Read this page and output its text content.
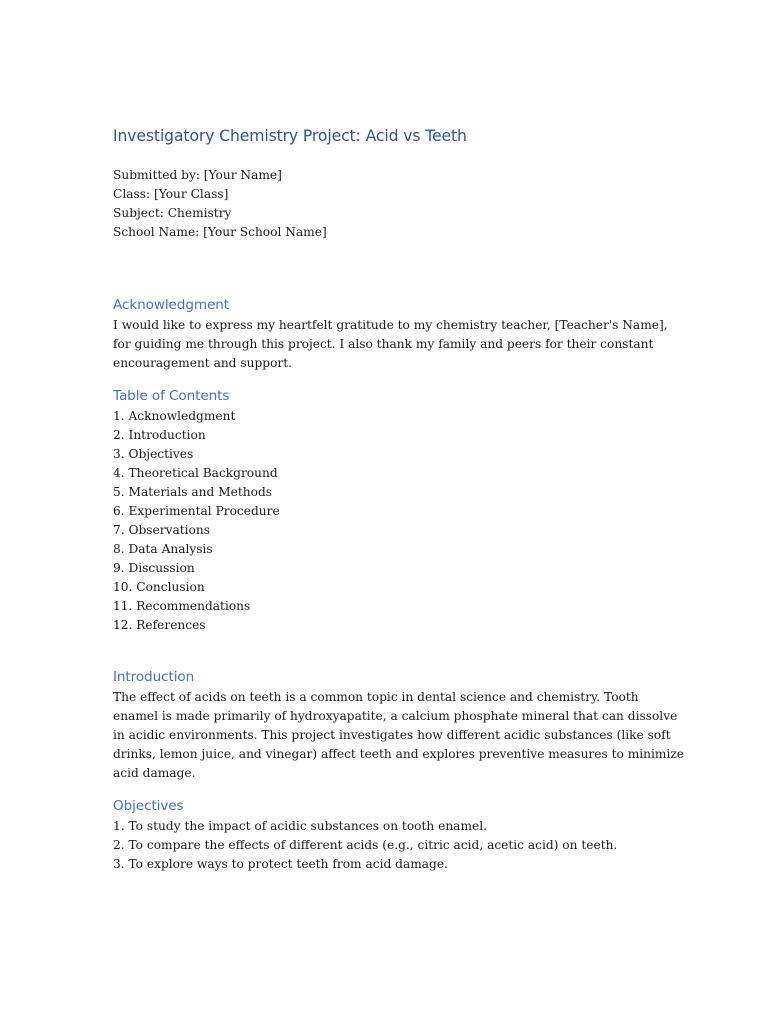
Investigatory Chemistry Project: Acid vs Teeth
Submitted by: [Your Name]
Class: [Your Class]
Subject: Chemistry
School Name: [Your School Name]
Acknowledgment
I would like to express my heartfelt gratitude to my chemistry teacher, [Teacher's Name],
for guiding me through this project. I also thank my family and peers for their constant
encouragement and support.
Table of Contents
1. Acknowledgment
2. Introduction
3. Objectives
4. Theoretical Background
5. Materials and Methods
6. Experimental Procedure
7. Observations
8. Data Analysis
9. Discussion
10. Conclusion
11. Recommendations
12. References
Introduction
The effect of acids on teeth is a common topic in dental science and chemistry. Tooth
enamel is made primarily of hydroxyapatite, a calcium phosphate mineral that can dissolve
in acidic environments. This project investigates how different acidic substances (like soft
drinks, lemon juice, and vinegar) affect teeth and explores preventive measures to minimize
acid damage.
Objectives
1. To study the impact of acidic substances on tooth enamel.
2. To compare the effects of different acids (e.g., citric acid, acetic acid) on teeth.
3. To explore ways to protect teeth from acid damage.
